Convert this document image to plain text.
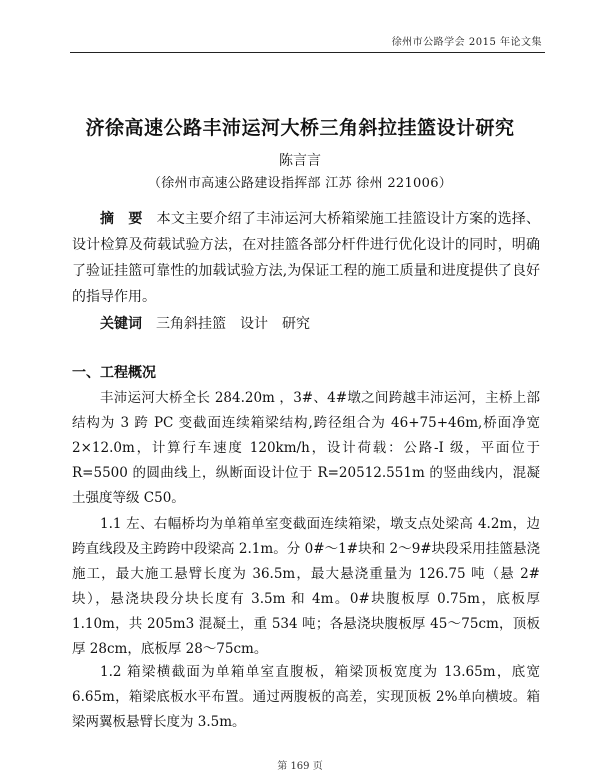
徐州市公路学会 2015 年论文集
济徐高速公路丰沛运河大桥三角斜拉挂篮设计研究
陈言言
（徐州市高速公路建设指挥部 江苏 徐州 221006）

摘　要 本文主要介绍了丰沛运河大桥箱梁施工挂篮设计方案的选择、设计检算及荷载试验方法，在对挂篮各部分杆件进行优化设计的同时，明确了验证挂篮可靠性的加载试验方法,为保证工程的施工质量和进度提供了良好的指导作用。

关键词 三角斜挂篮　设计　研究
一、工程概况

丰沛运河大桥全长 284.20m ，3#、4#墩之间跨越丰沛运河，主桥上部结构为 3 跨 PC 变截面连续箱梁结构,跨径组合为 46+75+46m,桥面净宽 2×12.0m，计算行车速度 120km/h，设计荷载：公路-I 级，平面位于 R=5500 的圆曲线上，纵断面设计位于 R=20512.551m 的竖曲线内，混凝土强度等级 C50。

1.1 左、右幅桥均为单箱单室变截面连续箱梁，墩支点处梁高 4.2m，边跨直线段及主跨跨中段梁高 2.1m。分 0#～1#块和 2～9#块段采用挂篮悬浇施工，最大施工悬臂长度为 36.5m，最大悬浇重量为 126.75 吨（悬 2#块），悬浇块段分块长度有 3.5m 和 4m。0#块腹板厚 0.75m，底板厚 1.10m，共 205m3 混凝土，重 534 吨；各悬浇块腹板厚 45～75cm，顶板厚 28cm，底板厚 28～75cm。

1.2 箱梁横截面为单箱单室直腹板，箱梁顶板宽度为 13.65m，底宽 6.65m，箱梁底板水平布置。通过两腹板的高差，实现顶板 2%单向横坡。箱梁两翼板悬臂长度为 3.5m。

第 169 页
